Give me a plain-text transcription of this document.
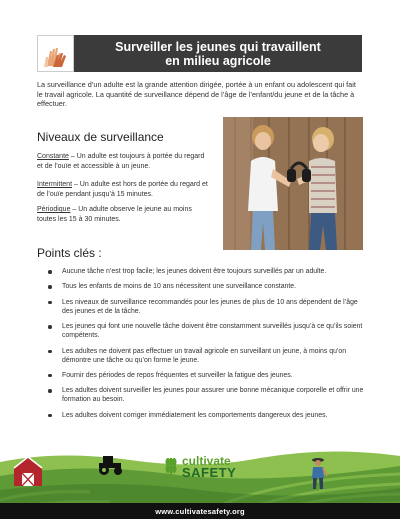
Surveiller les jeunes qui travaillent
en milieu agricole

La surveillance d’un adulte est la grande attention dirigée, portée à un enfant ou adolescent qui fait le travail agricole. La quantité de surveillance dépend de l’âge de l’enfant/du jeune et de la tâche à effectuer.

Niveaux de surveillance

Constante – Un adulte est toujours à portée du regard et de l’ouïe et accessible à un jeune.

Intermittent – Un adulte est hors de portée du regard et de l’ouïe pendant jusqu’à 15 minutes.

Périodique – Un adulte observe le jeune au moins toutes les 15 à 30 minutes.

Points clés :
Aucune tâche n’est trop facile; les jeunes doivent être toujours surveillés par un adulte.
Tous les enfants de moins de 10 ans nécessitent une surveillance constante.
Les niveaux de surveillance recommandés pour les jeunes de plus de 10 ans dépendent de l’âge des jeunes et de la tâche.
Les jeunes qui font une nouvelle tâche doivent être constamment surveillés jusqu’à ce qu’ils soient compétents.
Les adultes ne doivent pas effectuer un travail agricole en surveillant un jeune, à moins qu’on démontre une tâche ou qu’on forme le jeune.
Fournir des périodes de repos fréquentes et surveiller la fatigue des jeunes.
Les adultes doivent surveiller les jeunes pour assurer une bonne mécanique corporelle et offrir une formation au besoin.
Les adultes doivent corriger immédiatement les comportements dangereux des jeunes.
cultivate
SAFETY
www.cultivatesafety.org
